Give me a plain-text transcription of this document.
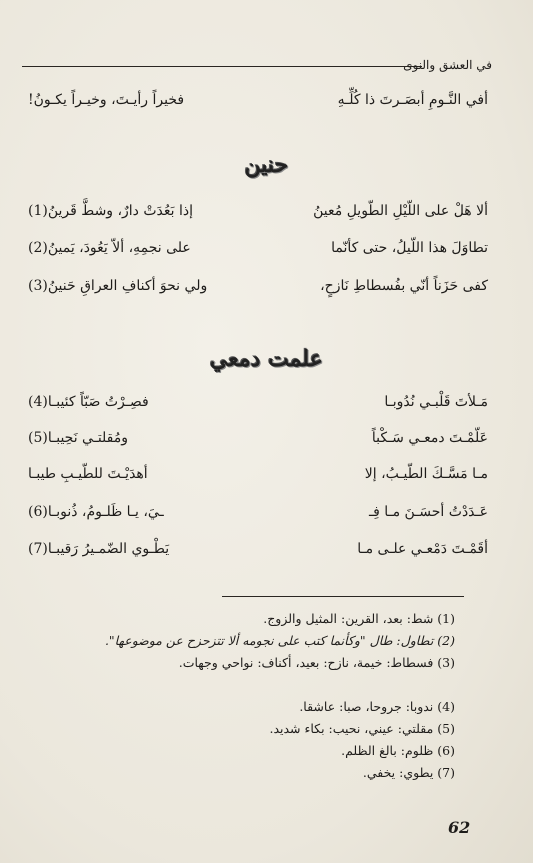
في العشق والنوى
أفي النَّـومِ أبصَـرتَ ذا كُلِّـهِ
فخيراً رأيـتَ، وخيـراً يكـونُ!
حنين
ألا هَلْ على اللّيْلِ الطّويلِ مُعينُ
إذا بَعُدَتْ دارٌ، وشطَّ قَرينُ(1)
تطاوَلَ هذا اللّيلُ، حتى كأنّما
على نجمِهِ، ألاّ يَعُودَ، يَمينُ(2)
كفى حَزَناً أنّي بفُسطاطِ نَازحٍ،
ولي نحوَ أكنافِ العراقِ حَنينُ(3)
علمت دمعي
مَـلأتَ قَلْبـي نُدُوبـا
فصِـرْتُ صَبّاً كئيبـا(4)
عَلّمْـتَ دمعـي سَـكْباً
ومُقلتـي نَحِيبـا(5)
مـا مَسَّـكَ الطّيـبُ، إلا
أهدَيْـتَ للطّيـبِ طيبـا
عَـدَدْتُ أحسَـنَ مـا فِـ
ـيَ، يـا ظَلـومُ، ذُنوبـا(6)
أقَمْـتَ دَمْعـي علـى مـا
يَطْـوي الضّمـيرُ رَقيبـا(7)
(1) شط: بعد، القرين: المثيل والزوج.
(2) تطاول: طال "وكأنما كتب على نجومه ألا تتزحزح عن موضوعها".
(3) فسطاط: خيمة، نازح: بعيد، أكناف: نواحي وجهات.
(4) ندوبا: جروحا، صبا: عاشقا.
(5) مقلتي: عيني، نحيب: بكاء شديد.
(6) ظلوم: بالغ الظلم.
(7) يطوي: يخفي.
62
